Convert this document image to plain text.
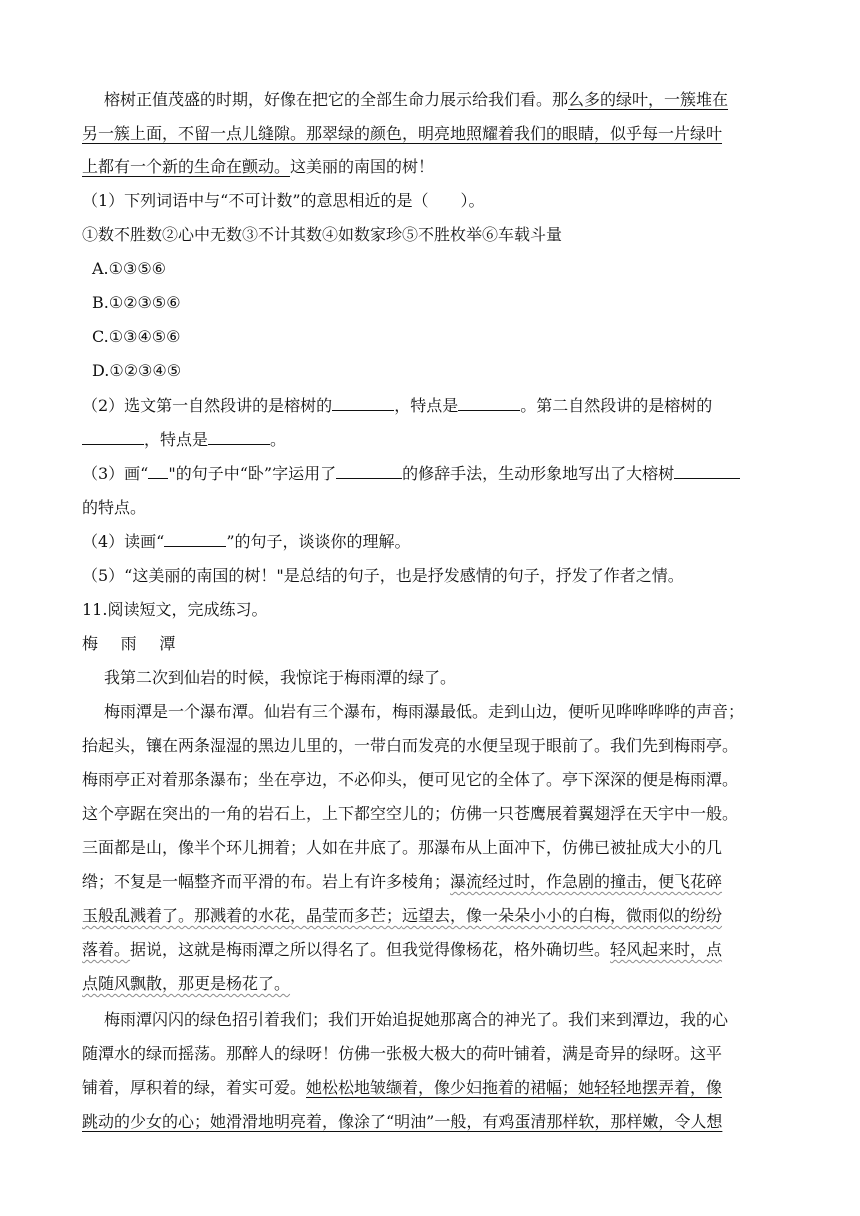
榕树正值茂盛的时期，好像在把它的全部生命力展示给我们看。那么多的绿叶，一簇堆在
另一簇上面，不留一点儿缝隙。那翠绿的颜色，明亮地照耀着我们的眼睛，似乎每一片绿叶
上都有一个新的生命在颤动。这美丽的南国的树！
（1）下列词语中与“不可计数”的意思相近的是（ ）。
①数不胜数②心中无数③不计其数④如数家珍⑤不胜枚举⑥车载斗量
A.①③⑤⑥
B.①②③⑤⑥
C.①③④⑤⑥
D.①②③④⑤
（2）选文第一自然段讲的是榕树的	，特点是	。第二自然段讲的是榕树的
，特点是	。
（3）画“ "的句子中“卧”字运用了	的修辞手法，生动形象地写出了大榕树
的特点。
（4）读画“	”的句子，谈谈你的理解。
（5）“这美丽的南国的树！"是总结的句子，也是抒发感情的句子，抒发了作者之情。
11.阅读短文，完成练习。
梅 雨 潭
我第二次到仙岩的时候，我惊诧于梅雨潭的绿了。
梅雨潭是一个瀑布潭。仙岩有三个瀑布，梅雨瀑最低。走到山边，便听见哗哗哗哗的声音；
抬起头，镶在两条湿湿的黑边儿里的，一带白而发亮的水便呈现于眼前了。我们先到梅雨亭。
梅雨亭正对着那条瀑布；坐在亭边，不必仰头，便可见它的全体了。亭下深深的便是梅雨潭。
这个亭踞在突出的一角的岩石上，上下都空空儿的；仿佛一只苍鹰展着翼翅浮在天宇中一般。
三面都是山，像半个环儿拥着；人如在井底了。那瀑布从上面冲下，仿佛已被扯成大小的几
绺；不复是一幅整齐而平滑的布。岩上有许多棱角；瀑流经过时，作急剧的撞击，便飞花碎
玉般乱溅着了。那溅着的水花，晶莹而多芒；远望去，像一朵朵小小的白梅，微雨似的纷纷
落着。据说，这就是梅雨潭之所以得名了。但我觉得像杨花，格外确切些。轻风起来时，点
点随风飘散，那更是杨花了。
梅雨潭闪闪的绿色招引着我们；我们开始追捉她那离合的神光了。我们来到潭边，我的心
随潭水的绿而摇荡。那醉人的绿呀！仿佛一张极大极大的荷叶铺着，满是奇异的绿呀。这平
铺着，厚积着的绿，着实可爱。她松松地皱缬着，像少妇拖着的裙幅；她轻轻地摆弄着，像
跳动的少女的心；她滑滑地明亮着，像涂了“明油”一般，有鸡蛋清那样软，那样嫩，令人想
